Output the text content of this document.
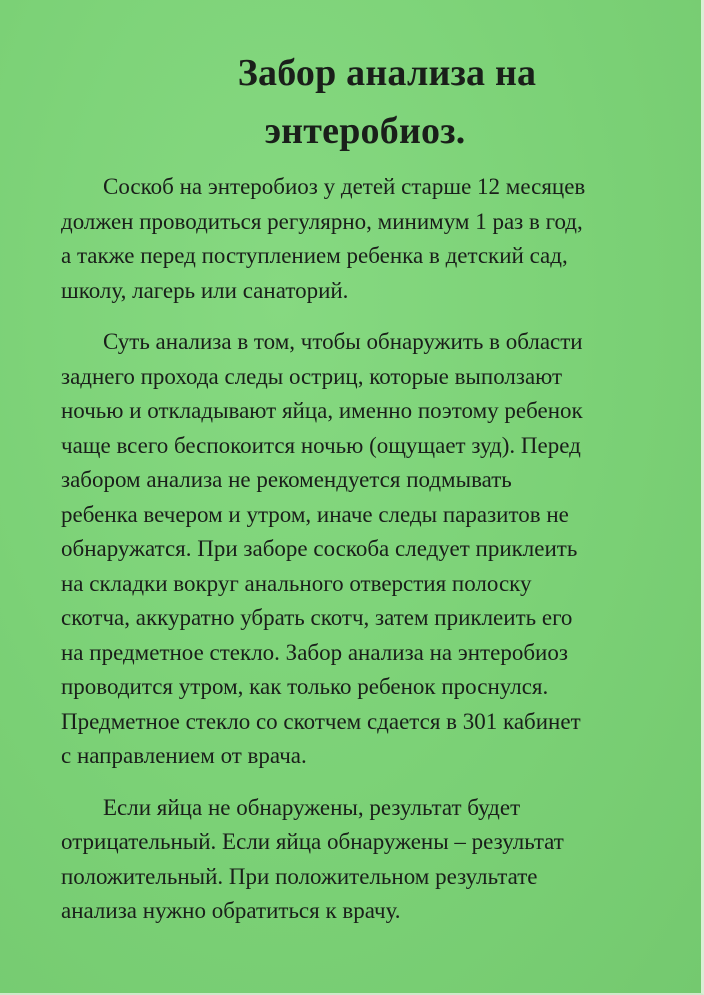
Забор анализа на
энтеробиоз.

Соскоб на энтеробиоз у детей старше 12 месяцев
должен проводиться регулярно, минимум 1 раз в год,
а также перед поступлением ребенка в детский сад,
школу, лагерь или санаторий.

Суть анализа в том, чтобы обнаружить в области
заднего прохода следы остриц, которые выползают
ночью и откладывают яйца, именно поэтому ребенок
чаще всего беспокоится ночью (ощущает зуд). Перед
забором анализа не рекомендуется подмывать
ребенка вечером и утром, иначе следы паразитов не
обнаружатся. При заборе соскоба следует приклеить
на складки вокруг анального отверстия полоску
скотча, аккуратно убрать скотч, затем приклеить его
на предметное стекло. Забор анализа на энтеробиоз
проводится утром, как только ребенок проснулся.
Предметное стекло со скотчем сдается в 301 кабинет
с направлением от врача.

Если яйца не обнаружены, результат будет
отрицательный. Если яйца обнаружены – результат
положительный. При положительном результате
анализа нужно обратиться к врачу.
